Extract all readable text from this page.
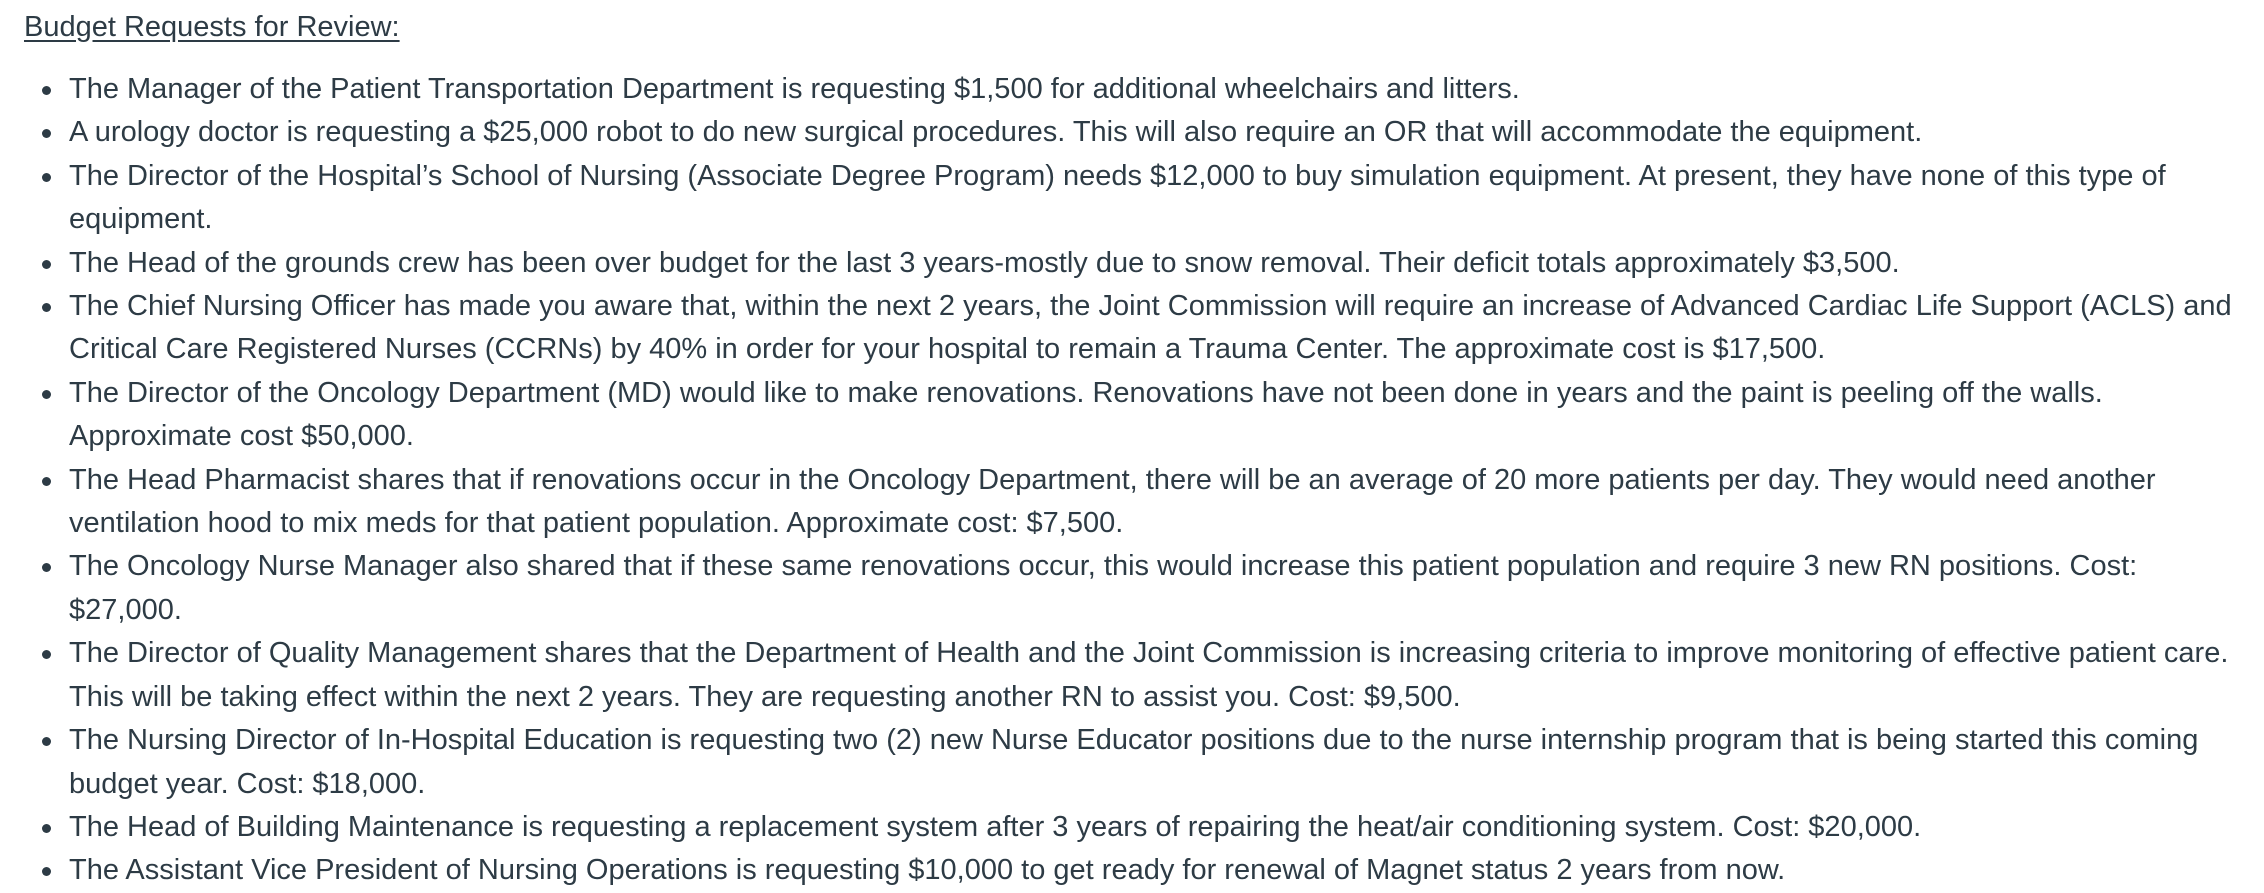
Budget Requests for Review:
The Manager of the Patient Transportation Department is requesting $1,500 for additional wheelchairs and litters.
A urology doctor is requesting a $25,000 robot to do new surgical procedures. This will also require an OR that will accommodate the equipment.
The Director of the Hospital’s School of Nursing (Associate Degree Program) needs $12,000 to buy simulation equipment. At present, they have none of this type of equipment.
The Head of the grounds crew has been over budget for the last 3 years-mostly due to snow removal. Their deficit totals approximately $3,500.
The Chief Nursing Officer has made you aware that, within the next 2 years, the Joint Commission will require an increase of Advanced Cardiac Life Support (ACLS) and Critical Care Registered Nurses (CCRNs) by 40% in order for your hospital to remain a Trauma Center. The approximate cost is $17,500.
The Director of the Oncology Department (MD) would like to make renovations. Renovations have not been done in years and the paint is peeling off the walls. Approximate cost $50,000.
The Head Pharmacist shares that if renovations occur in the Oncology Department, there will be an average of 20 more patients per day. They would need another ventilation hood to mix meds for that patient population. Approximate cost: $7,500.
The Oncology Nurse Manager also shared that if these same renovations occur, this would increase this patient population and require 3 new RN positions. Cost: $27,000.
The Director of Quality Management shares that the Department of Health and the Joint Commission is increasing criteria to improve monitoring of effective patient care. This will be taking effect within the next 2 years. They are requesting another RN to assist you. Cost: $9,500.
The Nursing Director of In-Hospital Education is requesting two (2) new Nurse Educator positions due to the nurse internship program that is being started this coming budget year. Cost: $18,000.
The Head of Building Maintenance is requesting a replacement system after 3 years of repairing the heat/air conditioning system. Cost: $20,000.
The Assistant Vice President of Nursing Operations is requesting $10,000 to get ready for renewal of Magnet status 2 years from now.
